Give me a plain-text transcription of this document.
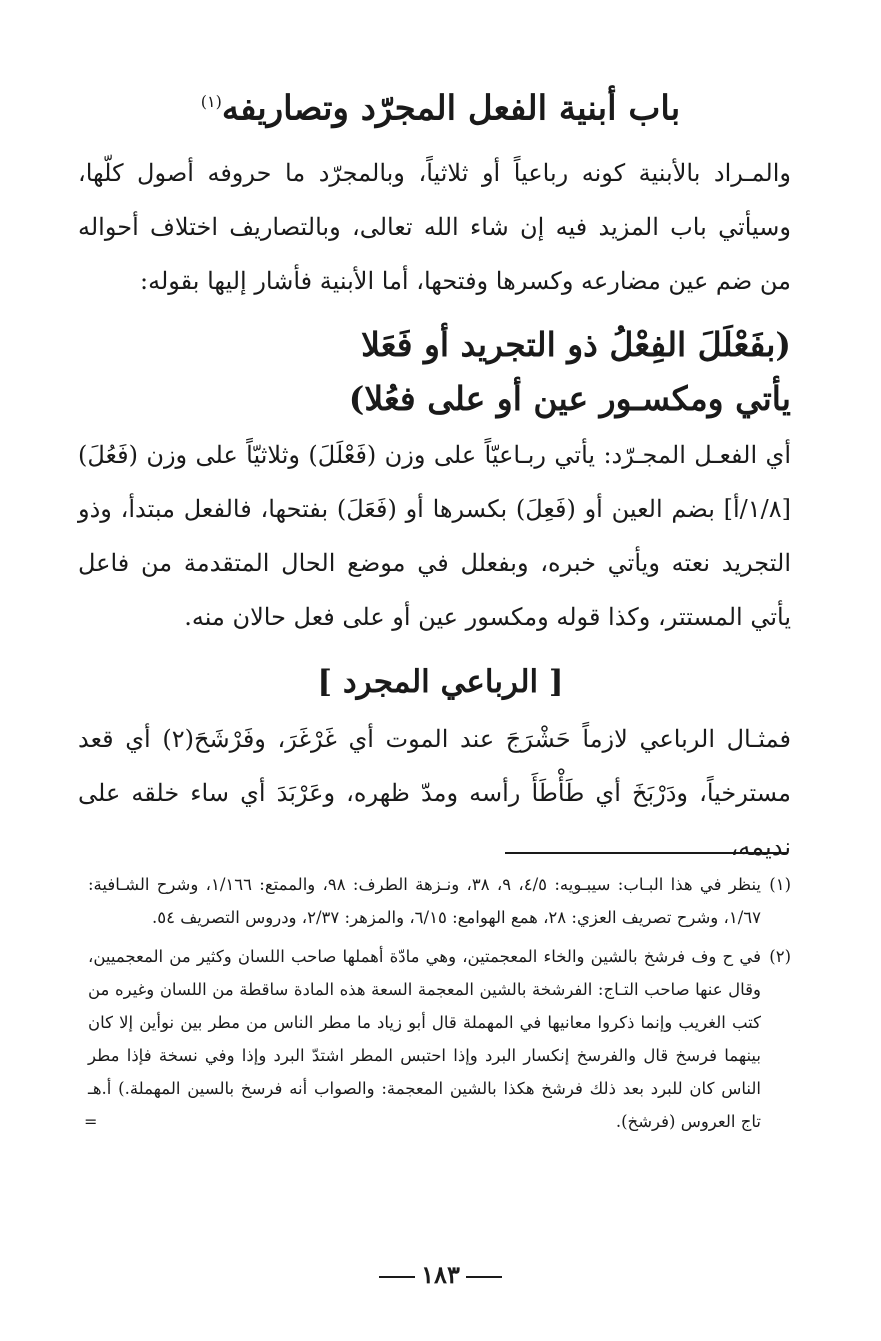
باب أبنية الفعل المجرّد وتصاريفه$^{(١)}$
والمـراد بالأبنية كونه رباعياً أو ثلاثياً، وبالمجرّد ما حروفه أصول كلّها، وسيأتي باب المزيد فيه إن شاء الله تعالى، وبالتصاريف اختلاف أحواله من ضم عين مضارعه وكسرها وفتحها، أما الأبنية فأشار إليها بقوله:
(بفَعْلَلَ الفِعْلُ ذو التجريد أو فَعَلا
يأتي ومكسـور عين أو على فعُلا)
أي الفعـل المجـرّد: يأتي ربـاعيّاً على وزن (فَعْلَلَ) وثلاثيّاً على وزن (فَعُلَ) [١/٨/أ] بضم العين أو (فَعِلَ) بكسرها أو (فَعَلَ) بفتحها، فالفعل مبتدأ، وذو التجريد نعته ويأتي خبره، وبفعلل في موضع الحال المتقدمة من فاعل يأتي المستتر، وكذا قوله ومكسور عين أو على فعل حالان منه.
[ الرباعي المجرد ]
فمثـال الرباعي لازماً حَشْرَجَ عند الموت أي غَرْغَرَ، وفَرْشَحَ(٢) أي قعد مسترخياً، ودَرْبَخَ أي طَأْطَأَ رأسه ومدّ ظهره، وعَرْبَدَ أي ساء خلقه على نديمه،
(١)
ينظر في هذا البـاب: سيبـويه: ٤/٥، ٩، ٣٨، ونـزهة الطرف: ٩٨، والممتع: ١/١٦٦، وشرح الشـافية: ١/٦٧، وشرح تصريف العزي: ٢٨، همع الهوامع: ٦/١٥، والمزهر: ٢/٣٧، ودروس التصريف ٥٤.
(٢)
في ح وف فرشخ بالشين والخاء المعجمتين، وهي مادّة أهملها صاحب اللسان وكثير من المعجميين، وقال عنها صاحب التـاج: الفرشخة بالشين المعجمة السعة هذه المادة ساقطة من اللسان وغيره من كتب الغريب وإنما ذكروا معانيها في المهملة قال أبو زياد ما مطر الناس من مطر بين نوأين إلا كان بينهما فرسخ قال والفرسخ إنكسار البرد وإذا احتبس المطر اشتدّ البرد وإذا وفي نسخة فإذا مطر الناس كان للبرد بعد ذلك فرشخ هكذا بالشين المعجمة: والصواب أنه فرسخ بالسين المهملة.) أ.هـ تاج العروس (فرشخ).
=
١٨٣
